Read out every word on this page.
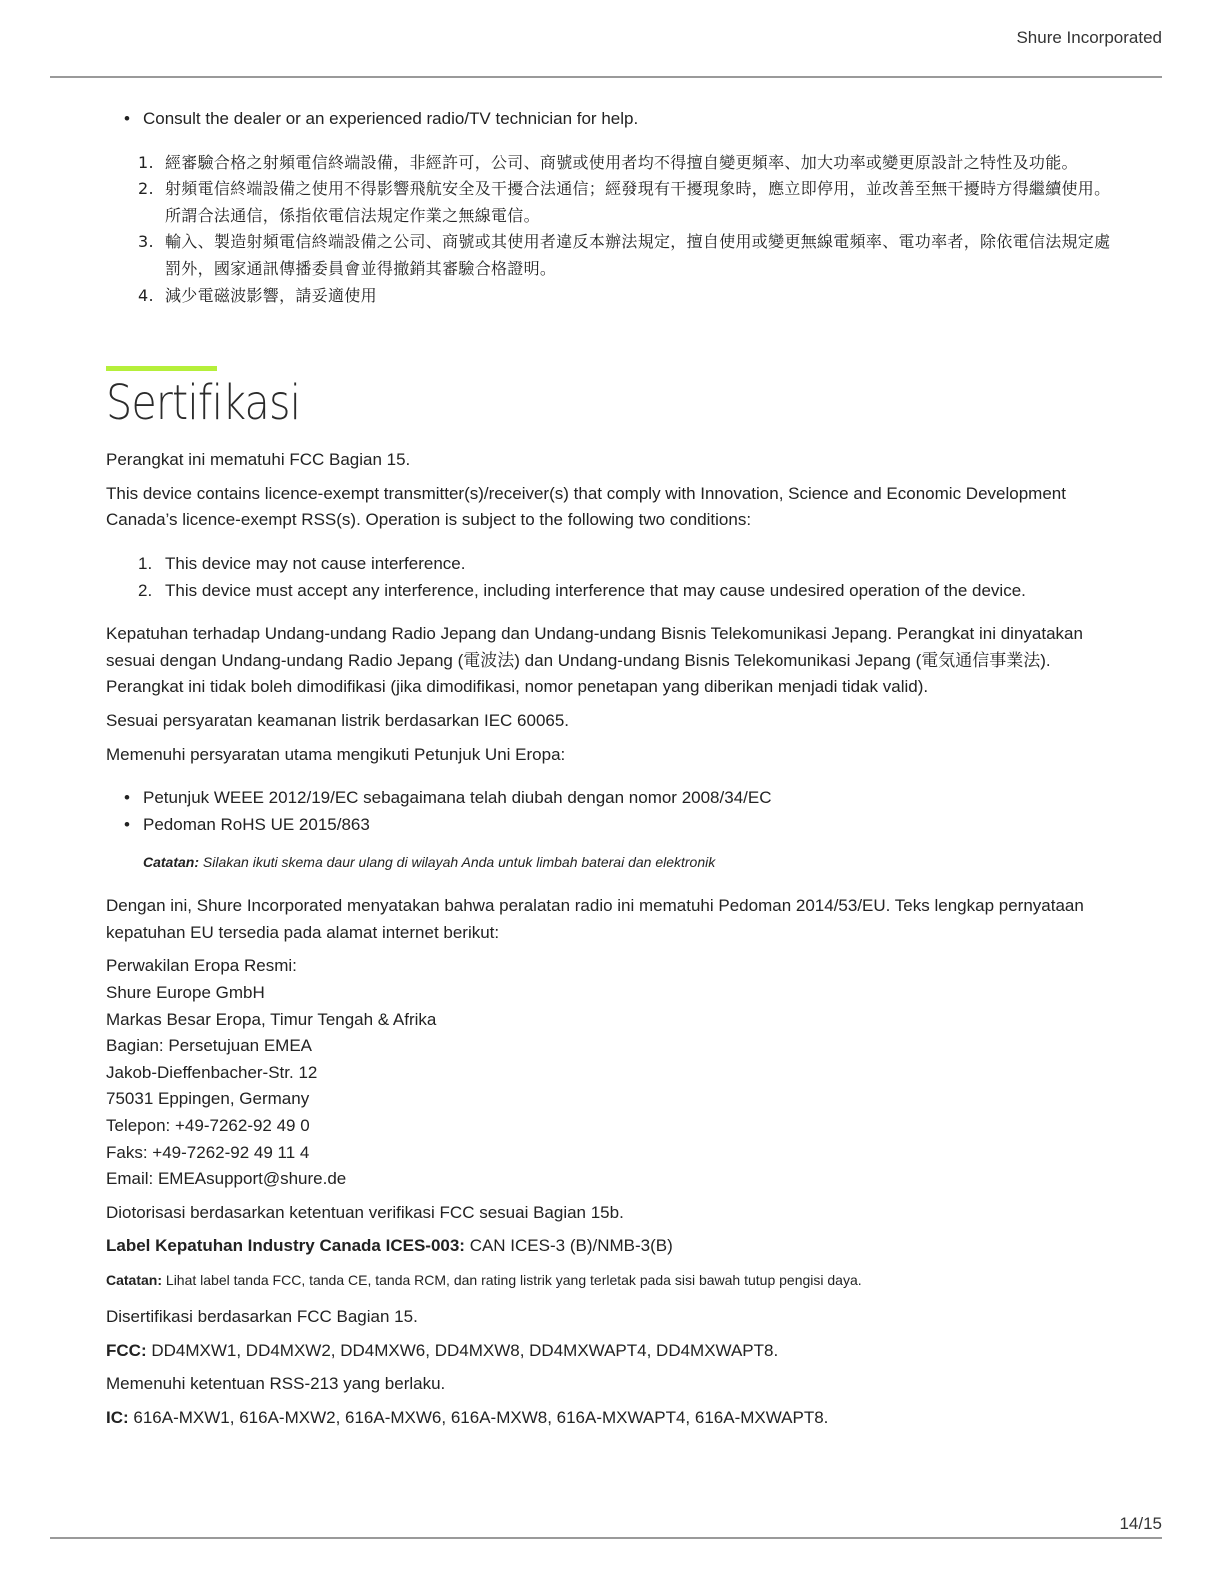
Shure Incorporated
• Consult the dealer or an experienced radio/TV technician for help.
1. 經審驗合格之射頻電信終端設備，非經許可，公司、商號或使用者均不得擅自變更頻率、加大功率或變更原設計之特性及功能。
2. 射頻電信終端設備之使用不得影響飛航安全及干擾合法通信；經發現有干擾現象時，應立即停用，並改善至無干擾時方得繼續使用。所謂合法通信，係指依電信法規定作業之無線電信。
3. 輸入、製造射頻電信終端設備之公司、商號或其使用者違反本辦法規定，擅自使用或變更無線電頻率、電功率者，除依電信法規定處罰外，國家通訊傳播委員會並得撤銷其審驗合格證明。
4. 減少電磁波影響，請妥適使用
Sertifikasi

Perangkat ini mematuhi FCC Bagian 15.

This device contains licence-exempt transmitter(s)/receiver(s) that comply with Innovation, Science and Economic Development Canada’s licence-exempt RSS(s). Operation is subject to the following two conditions:

1. This device may not cause interference.
2. This device must accept any interference, including interference that may cause undesired operation of the device.

Kepatuhan terhadap Undang-undang Radio Jepang dan Undang-undang Bisnis Telekomunikasi Jepang. Perangkat ini dinyatakan sesuai dengan Undang-undang Radio Jepang (電波法) dan Undang-undang Bisnis Telekomunikasi Jepang (電気通信事業法). Perangkat ini tidak boleh dimodifikasi (jika dimodifikasi, nomor penetapan yang diberikan menjadi tidak valid).

Sesuai persyaratan keamanan listrik berdasarkan IEC 60065.

Memenuhi persyaratan utama mengikuti Petunjuk Uni Eropa:

• Petunjuk WEEE 2012/19/EC sebagaimana telah diubah dengan nomor 2008/34/EC
• Pedoman RoHS UE 2015/863
Catatan: Silakan ikuti skema daur ulang di wilayah Anda untuk limbah baterai dan elektronik

Dengan ini, Shure Incorporated menyatakan bahwa peralatan radio ini mematuhi Pedoman 2014/53/EU. Teks lengkap pernyataan kepatuhan EU tersedia pada alamat internet berikut:

Perwakilan Eropa Resmi:
Shure Europe GmbH
Markas Besar Eropa, Timur Tengah & Afrika
Bagian: Persetujuan EMEA
Jakob-Dieffenbacher-Str. 12
75031 Eppingen, Germany
Telepon: +49-7262-92 49 0
Faks: +49-7262-92 49 11 4
Email: EMEAsupport@shure.de

Diotorisasi berdasarkan ketentuan verifikasi FCC sesuai Bagian 15b.

Label Kepatuhan Industry Canada ICES-003: CAN ICES-3 (B)/NMB-3(B)

Catatan: Lihat label tanda FCC, tanda CE, tanda RCM, dan rating listrik yang terletak pada sisi bawah tutup pengisi daya.

Disertifikasi berdasarkan FCC Bagian 15.

FCC: DD4MXW1, DD4MXW2, DD4MXW6, DD4MXW8, DD4MXWAPT4, DD4MXWAPT8.

Memenuhi ketentuan RSS-213 yang berlaku.

IC: 616A-MXW1, 616A-MXW2, 616A-MXW6, 616A-MXW8, 616A-MXWAPT4, 616A-MXWAPT8.

14/15
